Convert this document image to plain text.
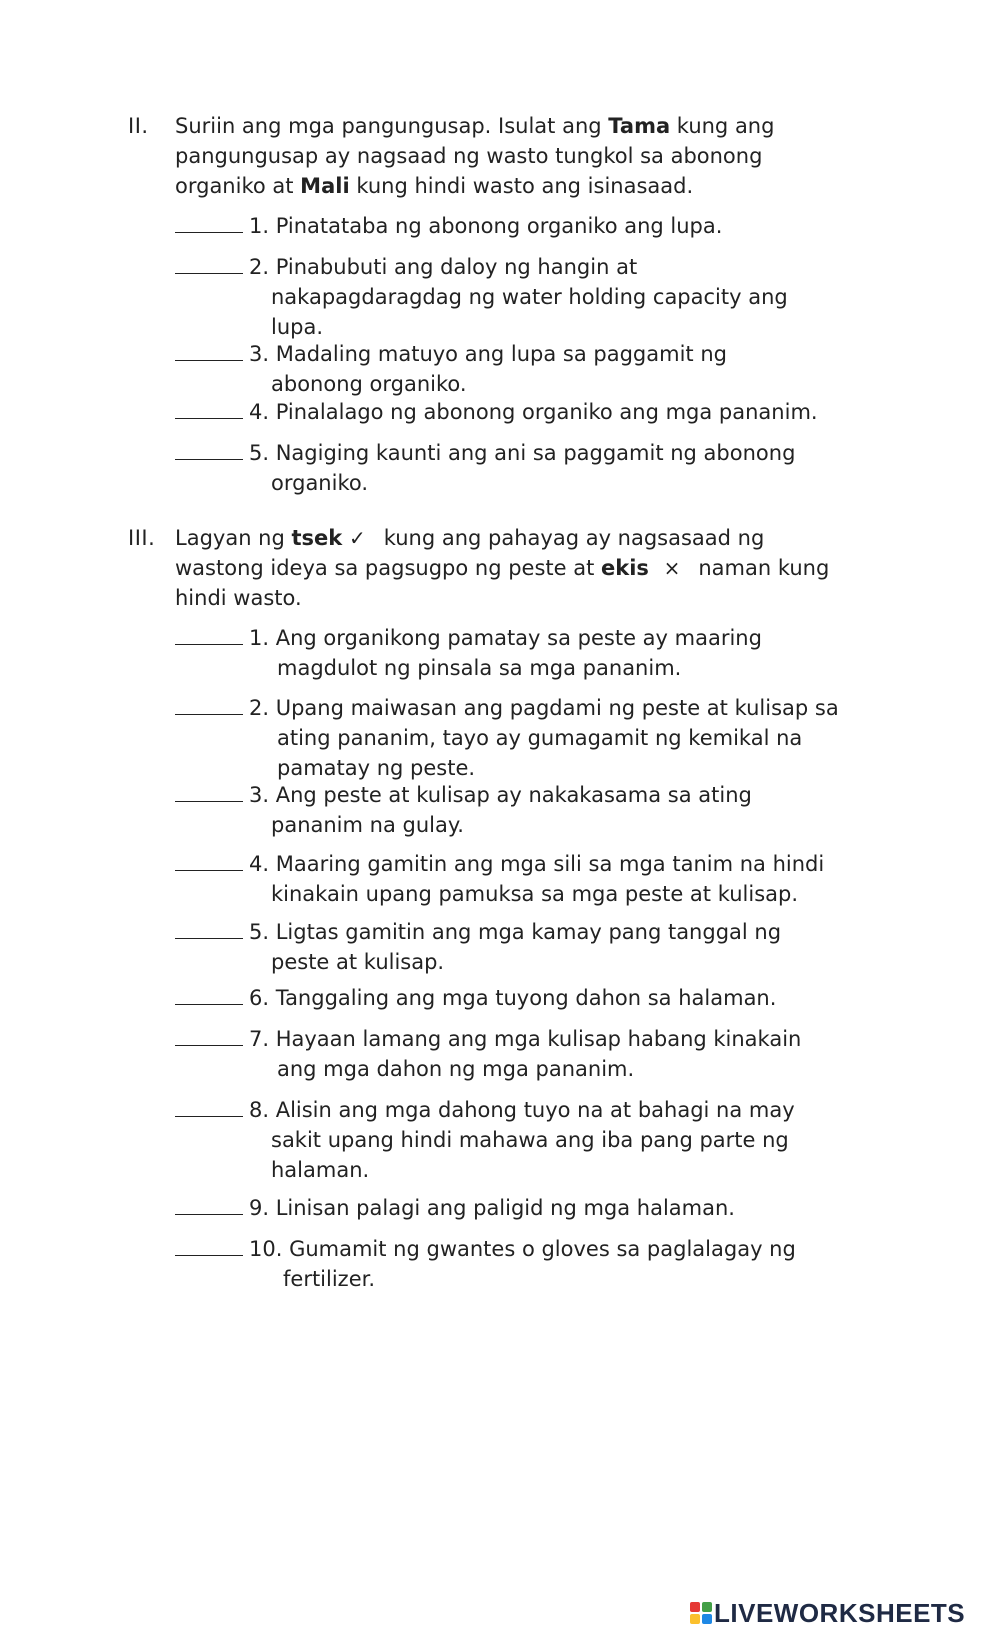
II. Suriin ang mga pangungusap. Isulat ang Tama kung ang
pangungusap ay nagsaad ng wasto tungkol sa abonong
organiko at Mali kung hindi wasto ang isinasaad.
1. Pinatataba ng abonong organiko ang lupa.
2. Pinabubuti ang daloy ng hangin at
nakapagdaragdag ng water holding capacity ang
lupa.
3. Madaling matuyo ang lupa sa paggamit ng
abonong organiko.
4. Pinalalago ng abonong organiko ang mga pananim.
5. Nagiging kaunti ang ani sa paggamit ng abonong
organiko.
III. Lagyan ng tsek ✓ kung ang pahayag ay nagsasaad ng
wastong ideya sa pagsugpo ng peste at ekis × naman kung
hindi wasto.
1. Ang organikong pamatay sa peste ay maaring
magdulot ng pinsala sa mga pananim.
2. Upang maiwasan ang pagdami ng peste at kulisap sa
ating pananim, tayo ay gumagamit ng kemikal na
pamatay ng peste.
3. Ang peste at kulisap ay nakakasama sa ating
pananim na gulay.
4. Maaring gamitin ang mga sili sa mga tanim na hindi
kinakain upang pamuksa sa mga peste at kulisap.
5. Ligtas gamitin ang mga kamay pang tanggal ng
peste at kulisap.
6. Tanggaling ang mga tuyong dahon sa halaman.
7. Hayaan lamang ang mga kulisap habang kinakain
ang mga dahon ng mga pananim.
8. Alisin ang mga dahong tuyo na at bahagi na may
sakit upang hindi mahawa ang iba pang parte ng
halaman.
9. Linisan palagi ang paligid ng mga halaman.
10. Gumamit ng gwantes o gloves sa paglalagay ng
fertilizer.
LIVEWORKSHEETS
